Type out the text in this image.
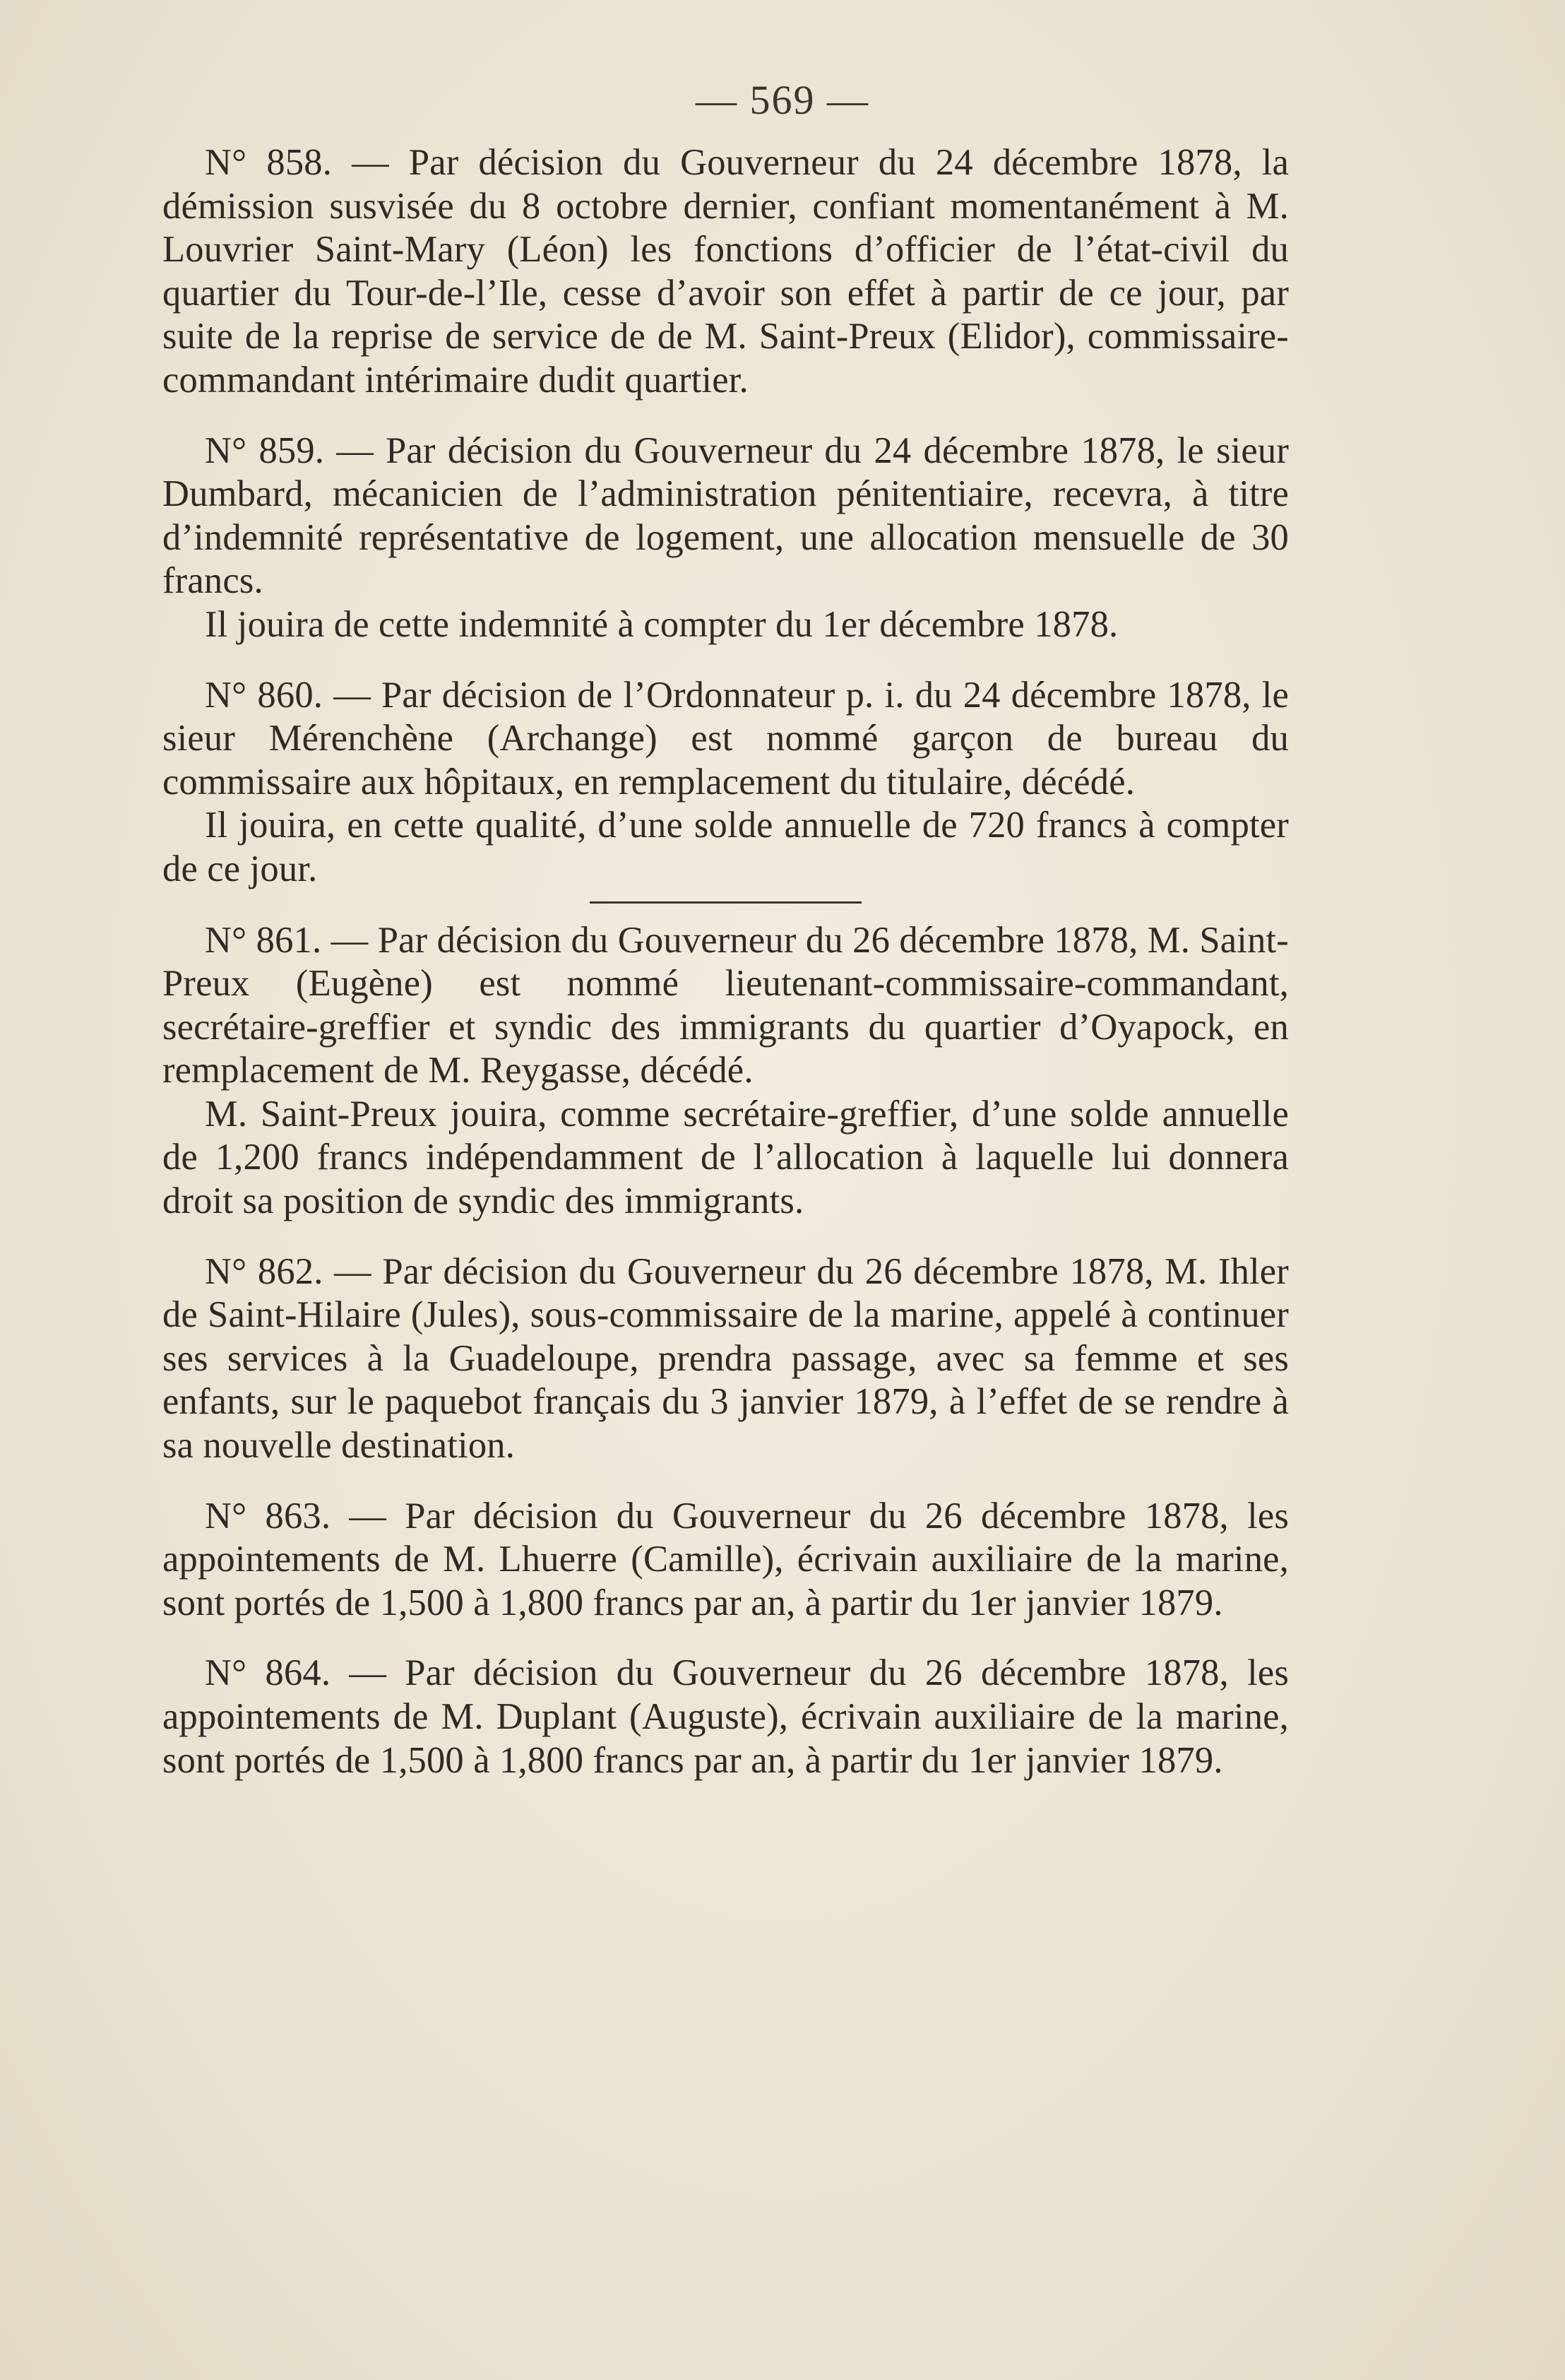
— 569 —

N° 858. — Par décision du Gouverneur du 24 décembre 1878, la démission susvisée du 8 octobre dernier, confiant momentanément à M. Louvrier Saint-Mary (Léon) les fonctions d’officier de l’état-civil du quartier du Tour-de-l’Ile, cesse d’avoir son effet à partir de ce jour, par suite de la reprise de service de de M. Saint-Preux (Elidor), commissaire-commandant intérimaire dudit quartier.

N° 859. — Par décision du Gouverneur du 24 décembre 1878, le sieur Dumbard, mécanicien de l’administration pénitentiaire, recevra, à titre d’indemnité représentative de logement, une allocation mensuelle de 30 francs.

Il jouira de cette indemnité à compter du 1er décembre 1878.

N° 860. — Par décision de l’Ordonnateur p. i. du 24 décembre 1878, le sieur Mérenchène (Archange) est nommé garçon de bureau du commissaire aux hôpitaux, en remplacement du titulaire, décédé.

Il jouira, en cette qualité, d’une solde annuelle de 720 francs à compter de ce jour.

N° 861. — Par décision du Gouverneur du 26 décembre 1878, M. Saint-Preux (Eugène) est nommé lieutenant-commissaire-commandant, secrétaire-greffier et syndic des immigrants du quartier d’Oyapock, en remplacement de M. Reygasse, décédé.

M. Saint-Preux jouira, comme secrétaire-greffier, d’une solde annuelle de 1,200 francs indépendamment de l’allocation à laquelle lui donnera droit sa position de syndic des immigrants.

N° 862. — Par décision du Gouverneur du 26 décembre 1878, M. Ihler de Saint-Hilaire (Jules), sous-commissaire de la marine, appelé à continuer ses services à la Guadeloupe, prendra passage, avec sa femme et ses enfants, sur le paquebot français du 3 janvier 1879, à l’effet de se rendre à sa nouvelle destination.

N° 863. — Par décision du Gouverneur du 26 décembre 1878, les appointements de M. Lhuerre (Camille), écrivain auxiliaire de la marine, sont portés de 1,500 à 1,800 francs par an, à partir du 1er janvier 1879.

N° 864. — Par décision du Gouverneur du 26 décembre 1878, les appointements de M. Duplant (Auguste), écrivain auxiliaire de la marine, sont portés de 1,500 à 1,800 francs par an, à partir du 1er janvier 1879.
